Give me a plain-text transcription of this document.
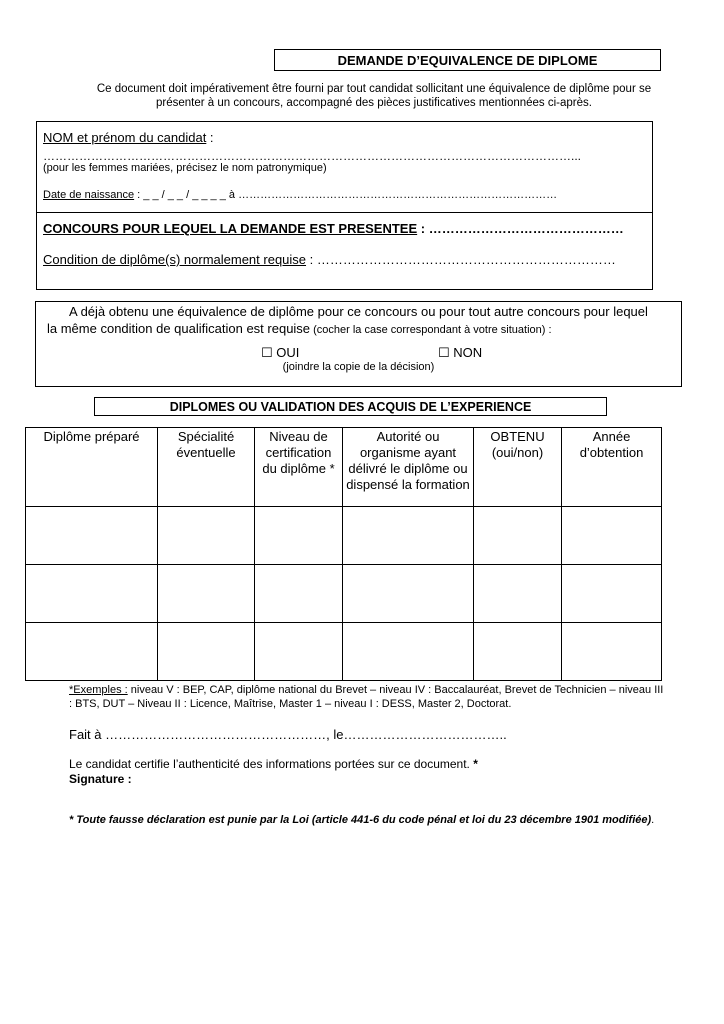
DEMANDE D’EQUIVALENCE DE DIPLOME
Ce document doit impérativement être fourni par tout candidat sollicitant une équivalence de diplôme pour se
présenter à un concours, accompagné des pièces justificatives mentionnées ci-après.
NOM et prénom du candidat :
……………………………………………………………………………………………………………………...
(pour les femmes mariées, précisez le nom patronymique)
Date de naissance : _ _ / _ _ / _ _ _ _ à ……………………………………………………………………………
CONCOURS POUR LEQUEL LA DEMANDE EST PRESENTEE : ………………………………………
Condition de diplôme(s) normalement requise : ……………………………………………………………
A déjà obtenu une équivalence de diplôme pour ce concours ou pour tout autre concours pour lequel
la même condition de qualification est requise (cocher la case correspondant à votre situation) :
☐ OUI	☐ NON
(joindre la copie de la décision)
DIPLOMES OU VALIDATION DES ACQUIS DE L’EXPERIENCE
Diplôme préparé	Spécialité éventuelle	Niveau de certification du diplôme *	Autorité ou organisme ayant délivré le diplôme ou dispensé la formation	OBTENU (oui/non)	Année d’obtention

*Exemples : niveau V : BEP, CAP, diplôme national du Brevet – niveau IV : Baccalauréat, Brevet de Technicien – niveau III : BTS, DUT – Niveau II : Licence, Maîtrise, Master 1 – niveau I : DESS, Master 2, Doctorat.
Fait à ……………………………………………, le………………………………..
Le candidat certifie l’authenticité des informations portées sur ce document. *
Signature :
* Toute fausse déclaration est punie par la Loi (article 441-6 du code pénal et loi du 23 décembre 1901 modifiée).
